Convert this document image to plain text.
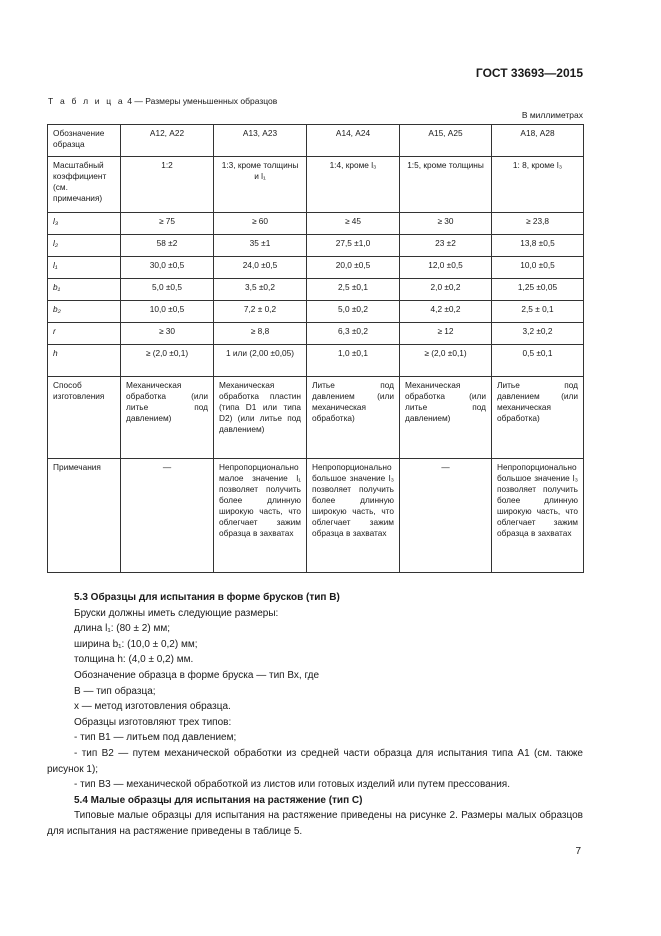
ГОСТ 33693—2015
Т а б л и ц а 4 — Размеры уменьшенных образцов
В миллиметрах
Обозначение образца	А12, А22	А13, А23	А14, А24	А15, А25	А18, А28
Масштабный коэффициент (см. примечания)	1:2	1:3, кроме толщины и l₁	1:4, кроме l₃	1:5, кроме толщины	1: 8, кроме l₃
l₃	≥ 75	≥ 60	≥ 45	≥ 30	≥ 23,8
l₂	58 ±2	35 ±1	27,5 ±1,0	23 ±2	13,8 ±0,5
l₁	30,0 ±0,5	24,0 ±0,5	20,0 ±0,5	12,0 ±0,5	10,0 ±0,5
b₁	5,0 ±0,5	3,5 ±0,2	2,5 ±0,1	2,0 ±0,2	1,25 ±0,05
b₂	10,0 ±0,5	7,2 ± 0,2	5,0 ±0,2	4,2 ±0,2	2,5 ± 0,1
r	≥ 30	≥ 8,8	6,3 ±0,2	≥ 12	3,2 ±0,2
h	≥ (2,0 ±0,1)	1 или (2,00 ±0,05)	1,0 ±0,1	≥ (2,0 ±0,1)	0,5 ±0,1
Способ изготовления	Механическая обработка (или литье под давлением)	Механическая обработка пластин (типа D1 или типа D2) (или литье под давлением)	Литье под давлением (или механическая обработка)	Механическая обработка (или литье под давлением)	Литье под давлением (или механическая обработка)
Примечания	—	Непропорционально малое значение l₁ позволяет получить более длинную широкую часть, что облегчает зажим образца в захватах	Непропорционально большое значение l₃ позволяет получить более длинную широкую часть, что облегчает зажим образца в захватах	—	Непропорционально большое значение l₃ позволяет получить более длинную широкую часть, что облегчает зажим образца в захватах

5.3 Образцы для испытания в форме брусков (тип В)

Бруски должны иметь следующие размеры:

длина l₁: (80 ± 2) мм;

ширина b₁: (10,0 ± 0,2) мм;

толщина h: (4,0 ± 0,2) мм.

Обозначение образца в форме бруска — тип Вх, где

В — тип образца;

х — метод изготовления образца.

Образцы изготовляют трех типов:

- тип В1 — литьем под давлением;

- тип В2 — путем механической обработки из средней части образца для испытания типа А1 (см. также рисунок 1);

- тип В3 — механической обработкой из листов или готовых изделий или путем прессования.

5.4 Малые образцы для испытания на растяжение (тип С)

Типовые малые образцы для испытания на растяжение приведены на рисунке 2. Размеры малых образцов для испытания на растяжение приведены в таблице 5.

7
